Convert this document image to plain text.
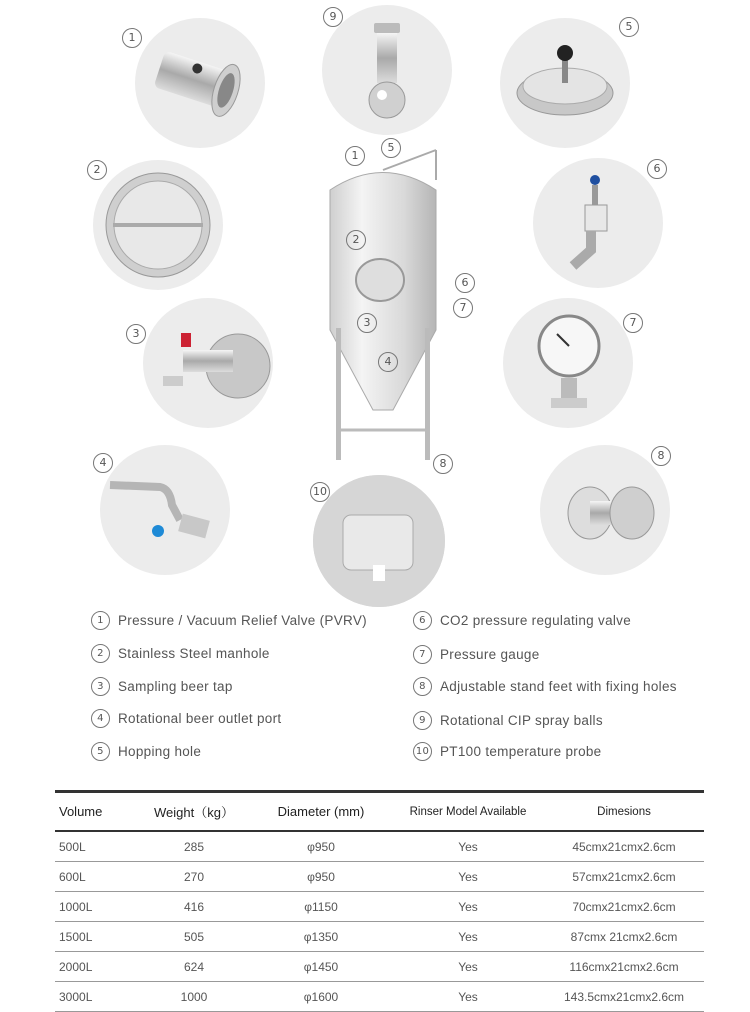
1
9
5
2	6
3
7
4
10
8
1
5
2
6
7
3
4
8
1	Pressure / Vacuum Relief Valve (PVRV)
2	Stainless Steel manhole
3	Sampling beer tap
4	Rotational beer outlet port
5	Hopping hole
6	CO2 pressure regulating valve
7	Pressure gauge
8	Adjustable stand feet with fixing holes
9	Rotational CIP spray balls
10 PT100 temperature probe
Volume	Weight（kg）	Diameter (mm)	Rinser Model Available	Dimesions
500L	285	φ950	Yes	45cmx21cmx2.6cm
600L	270	φ950	Yes	57cmx21cmx2.6cm
1000L	416	φ1150	Yes	70cmx21cmx2.6cm
1500L	505	φ1350	Yes	87cmx 21cmx2.6cm
2000L	624	φ1450	Yes	116cmx21cmx2.6cm
3000L	1000	φ1600	Yes	143.5cmx21cmx2.6cm
